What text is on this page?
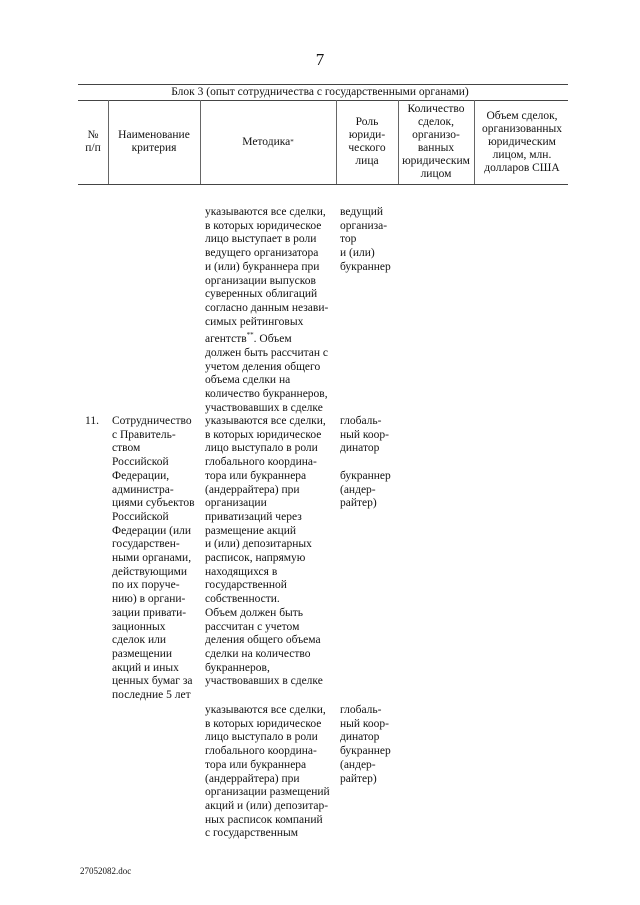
7
Блок 3 (опыт сотрудничества с государственными органами)
№
п/п
Наименование критерия
Методика *
Роль юриди-ческого лица
Количество сделок, организо-ванных юридическим лицом
Объем сделок, организованных юридическим лицом, млн. долларов США
указываются все сделки,
в которых юридическое
лицо выступает в роли
ведущего организатора
и (или) букраннера при
организации выпусков
суверенных облигаций
согласно данным незави-
симых рейтинговых
агентств**. Объем
должен быть рассчитан с
учетом деления общего
объема сделки на
количество букраннеров,
участвовавших в сделке
ведущий
организа-
тор
и (или)
букраннер
11. Сотрудничество
с Правитель-
ством
Российской
Федерации,
администра-
циями субъектов
Российской
Федерации (или
государствен-
ными органами,
действующими
по их поруче-
нию) в органи-
зации привати-
зационных
сделок или
размещении
акций и иных
ценных бумаг за
последние 5 лет
указываются все сделки,
в которых юридическое
лицо выступало в роли
глобального координа-
тора или букраннера
(андеррайтера) при
организации
приватизаций через
размещение акций
и (или) депозитарных
расписок, напрямую
находящихся в
государственной
собственности.
Объем должен быть
рассчитан с учетом
деления общего объема
сделки на количество
букраннеров,
участвовавших в сделке
глобаль-
ный коор-
динатор

букраннер
(андер-
райтер)
указываются все сделки,
в которых юридическое
лицо выступало в роли
глобального координа-
тора или букраннера
(андеррайтера) при
организации размещений
акций и (или) депозитар-
ных расписок компаний
с государственным
глобаль-
ный коор-
динатор
букраннер
(андер-
райтер)
27052082.doc
